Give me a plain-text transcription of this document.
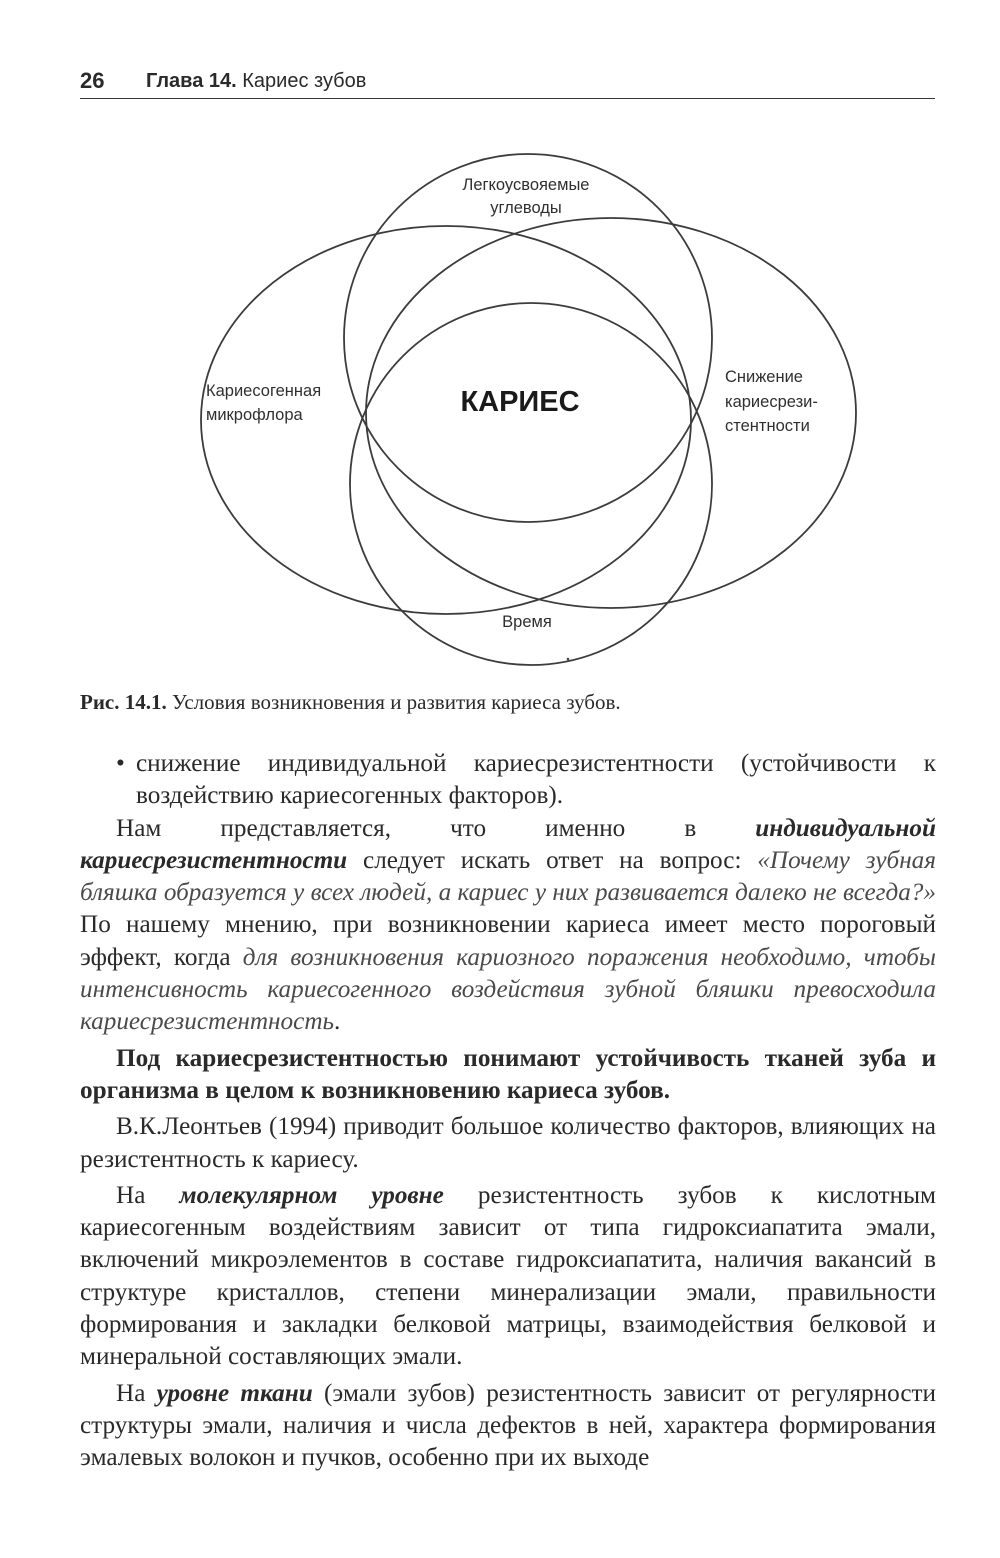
26 Глава 14. Кариес зубов
Легкоусвояемые
углеводы
Кариесогенная
микрофлора
Снижение
кариесрези-
стентности
Время
КАРИЕС
Рис. 14.1. Условия возникновения и развития кариеса зубов.

• снижение индивидуальной кариесрезистентности (устойчивости к воздействию кариесогенных факторов).

Нам представляется, что именно в индивидуальной кариесрезистентности следует искать ответ на вопрос: «Почему зубная бляшка образуется у всех людей, а кариес у них развивается далеко не всегда?» По нашему мнению, при возникновении кариеса имеет место пороговый эффект, когда для возникновения кариозного поражения необходимо, чтобы интенсивность кариесогенного воздействия зубной бляшки превосходила кариесрезистентность.

Под кариесрезистентностью понимают устойчивость тканей зуба и организма в целом к возникновению кариеса зубов.

В.К.Леонтьев (1994) приводит большое количество факторов, влияющих на резистентность к кариесу.

На молекулярном уровне резистентность зубов к кислотным кариесогенным воздействиям зависит от типа гидроксиапатита эмали, включений микроэлементов в составе гидроксиапатита, наличия вакансий в структуре кристаллов, степени минерализации эмали, правильности формирования и закладки белковой матрицы, взаимодействия белковой и минеральной составляющих эмали.

На уровне ткани (эмали зубов) резистентность зависит от регулярности структуры эмали, наличия и числа дефектов в ней, характера формирования эмалевых волокон и пучков, особенно при их выходе
